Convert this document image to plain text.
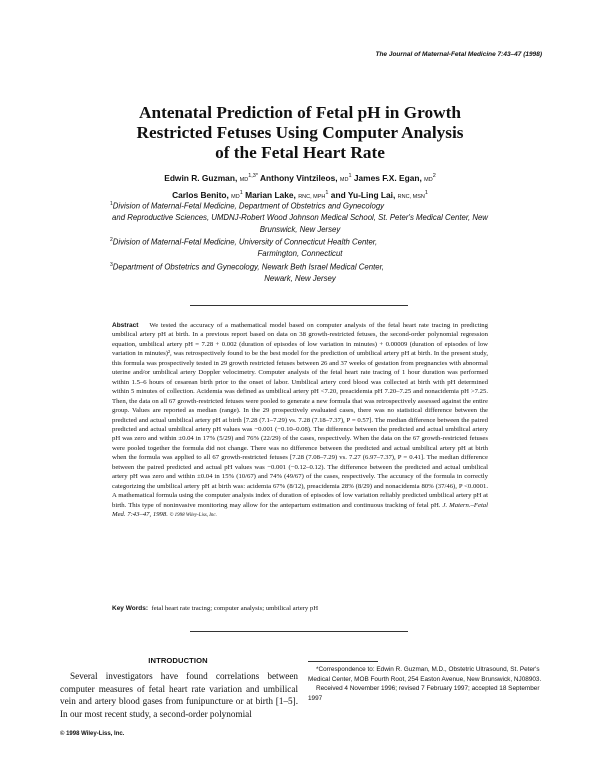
The Journal of Maternal-Fetal Medicine 7:43–47 (1998)
Antenatal Prediction of Fetal pH in Growth
Restricted Fetuses Using Computer Analysis
of the Fetal Heart Rate
Edwin R. Guzman, $MD^{1,3*}$ Anthony Vintzileos, $MD^1$ James F.X. Egan, $MD^2$
Carlos Benito, $MD^1$ Marian Lake, RNC, MPH$^1$ and Yu-Ling Lai, RNC, MSN$^1$
$^1$Division of Maternal-Fetal Medicine, Department of Obstetrics and Gynecology
and Reproductive Sciences, UMDNJ-Robert Wood Johnson Medical School, St. Peter's Medical Center, New Brunswick, New Jersey
$^2$Division of Maternal-Fetal Medicine, University of Connecticut Health Center,
Farmington, Connecticut
$^3$Department of Obstetrics and Gynecology, Newark Beth Israel Medical Center,
Newark, New Jersey
Abstract We tested the accuracy of a mathematical model based on computer analysis of the fetal heart rate tracing in predicting umbilical artery pH at birth. In a previous report based on data on 38 growth-restricted fetuses, the second-order polynomial regression equation, umbilical artery pH = 7.28 + 0.002 (duration of episodes of low variation in minutes) + 0.00009 (duration of episodes of low variation in minutes)², was retrospectively found to be the best model for the prediction of umbilical artery pH at birth. In the present study, this formula was prospectively tested in 29 growth restricted fetuses between 26 and 37 weeks of gestation from pregnancies with abnormal uterine and/or umbilical artery Doppler velocimetry. Computer analysis of the fetal heart rate tracing of 1 hour duration was performed within 1.5–6 hours of cesarean birth prior to the onset of labor. Umbilical artery cord blood was collected at birth with pH determined within 5 minutes of collection. Acidemia was defined as umbilical artery pH <7.20, preacidemia pH 7.20–7.25 and nonacidemia pH >7.25. Then, the data on all 67 growth-restricted fetuses were pooled to generate a new formula that was retrospectively assessed against the entire group. Values are reported as median (range). In the 29 prospectively evaluated cases, there was no statistical difference between the predicted and actual umbilical artery pH at birth [7.28 (7.1–7.29) vs. 7.28 (7.18–7.37), P = 0.57]. The median difference between the paired predicted and actual umbilical artery pH values was −0.001 (−0.10–0.08). The difference between the predicted and actual umbilical artery pH was zero and within ±0.04 in 17% (5/29) and 76% (22/29) of the cases, respectively. When the data on the 67 growth-restricted fetuses were pooled together the formula did not change. There was no difference between the predicted and actual umbilical artery pH at birth when the formula was applied to all 67 growth-restricted fetuses [7.28 (7.08–7.29) vs. 7.27 (6.97–7.37), P = 0.41]. The median difference between the paired predicted and actual pH values was −0.001 (−0.12–0.12). The difference between the predicted and actual umbilical artery pH was zero and within ±0.04 in 15% (10/67) and 74% (49/67) of the cases, respectively. The accuracy of the formula in correctly categorizing the umbilical artery pH at birth was: acidemia 67% (8/12), preacidemia 28% (8/29) and nonacidemia 80% (37/46), P <0.0001. A mathematical formula using the computer analysis index of duration of episodes of low variation reliably predicted umbilical artery pH at birth. This type of noninvasive monitoring may allow for the antepartum estimation and continuous tracking of fetal pH. J. Matern.–Fetal Med. 7:43–47, 1998. © 1998 Wiley-Liss, Inc.
Key Words: fetal heart rate tracing; computer analysis; umbilical artery pH
INTRODUCTION
Several investigators have found correlations between computer measures of fetal heart rate variation and umbilical vein and artery blood gases from funipuncture or at birth [1–5]. In our most recent study, a second-order polynomial

*Correspondence to: Edwin R. Guzman, M.D., Obstetric Ultrasound, St. Peter's Medical Center, MOB Fourth Root, 254 Easton Avenue, New Brunswick, NJ08903.

Received 4 November 1996; revised 7 February 1997; accepted 18 September 1997

© 1998 Wiley-Liss, Inc.
